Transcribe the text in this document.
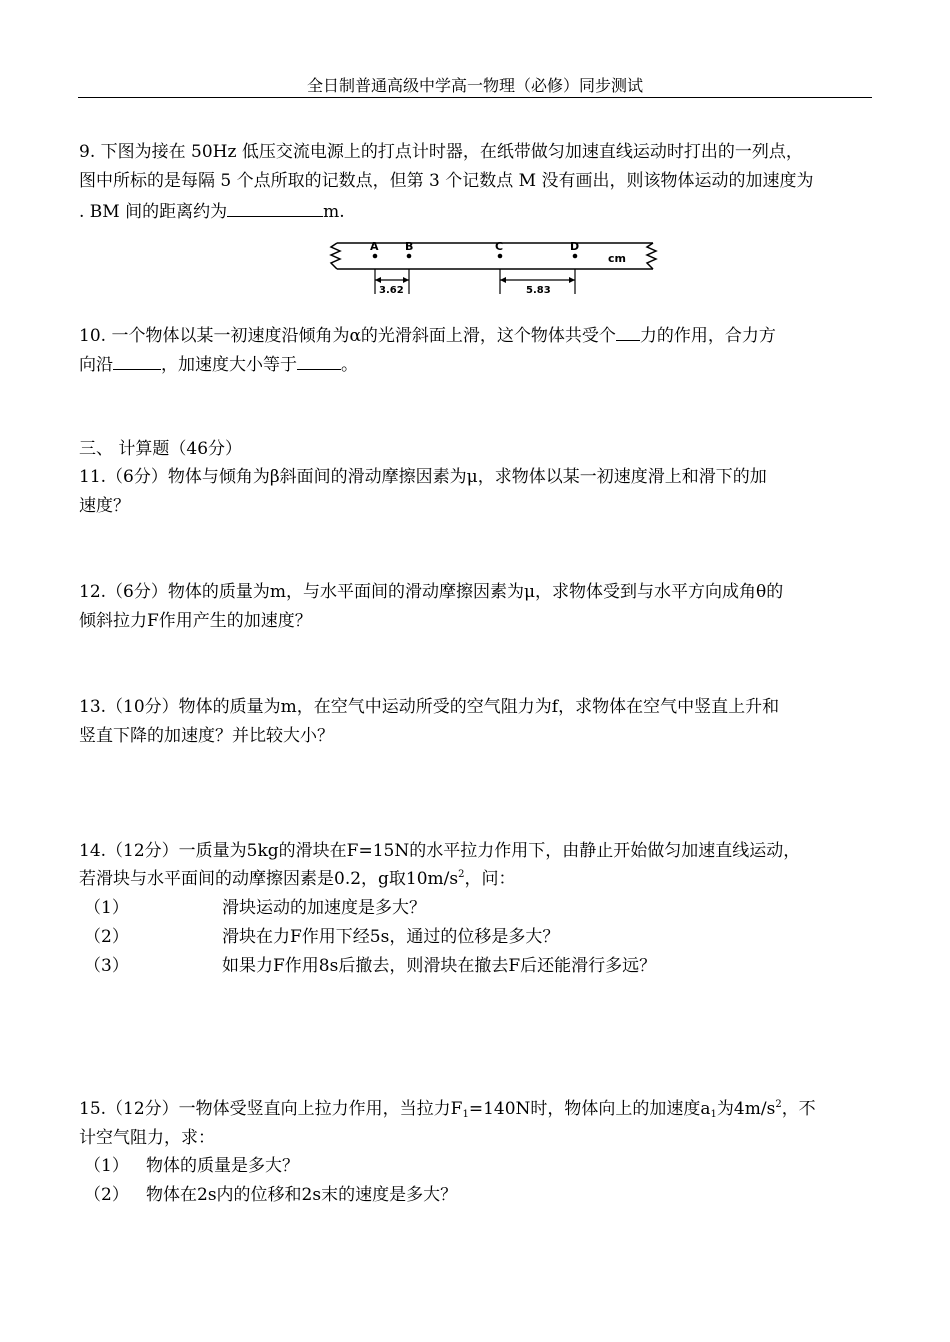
全日制普通高级中学高一物理（必修）同步测试
9. 下图为接在 50Hz 低压交流电源上的打点计时器，在纸带做匀加速直线运动时打出的一列点，
图中所标的是每隔 5 个点所取的记数点，但第 3 个记数点 M 没有画出，则该物体运动的加速度为
. BM 间的距离约为	m.
A B	C	D
cm
3.62	5.83
10. 一个物体以某一初速度沿倾角为α的光滑斜面上滑，这个物体共受个 力的作用，合力方
向沿	，加速度大小等于	。
三、 计算题（46分）
11.（6分）物体与倾角为β斜面间的滑动摩擦因素为μ，求物体以某一初速度滑上和滑下的加
速度？
12.（6分）物体的质量为m，与水平面间的滑动摩擦因素为μ，求物体受到与水平方向成角θ的
倾斜拉力F作用产生的加速度？
13.（10分）物体的质量为m，在空气中运动所受的空气阻力为f，求物体在空气中竖直上升和
竖直下降的加速度？并比较大小？
14.（12分）一质量为5kg的滑块在F=15N的水平拉力作用下，由静止开始做匀加速直线运动，
若滑块与水平面间的动摩擦因素是0.2，g取$10m/s^2$，问：
（1）	滑块运动的加速度是多大？
（2）	滑块在力F作用下经5s，通过的位移是多大？
（3）	如果力F作用8s后撤去，则滑块在撤去F后还能滑行多远？
15.（12分）一物体受竖直向上拉力作用，当拉力$F_1=140N$时，物体向上的加速度$a_1$为$4m/s^2$，不
计空气阻力，求：
（1） 物体的质量是多大？
（2） 物体在2s内的位移和2s末的速度是多大？
